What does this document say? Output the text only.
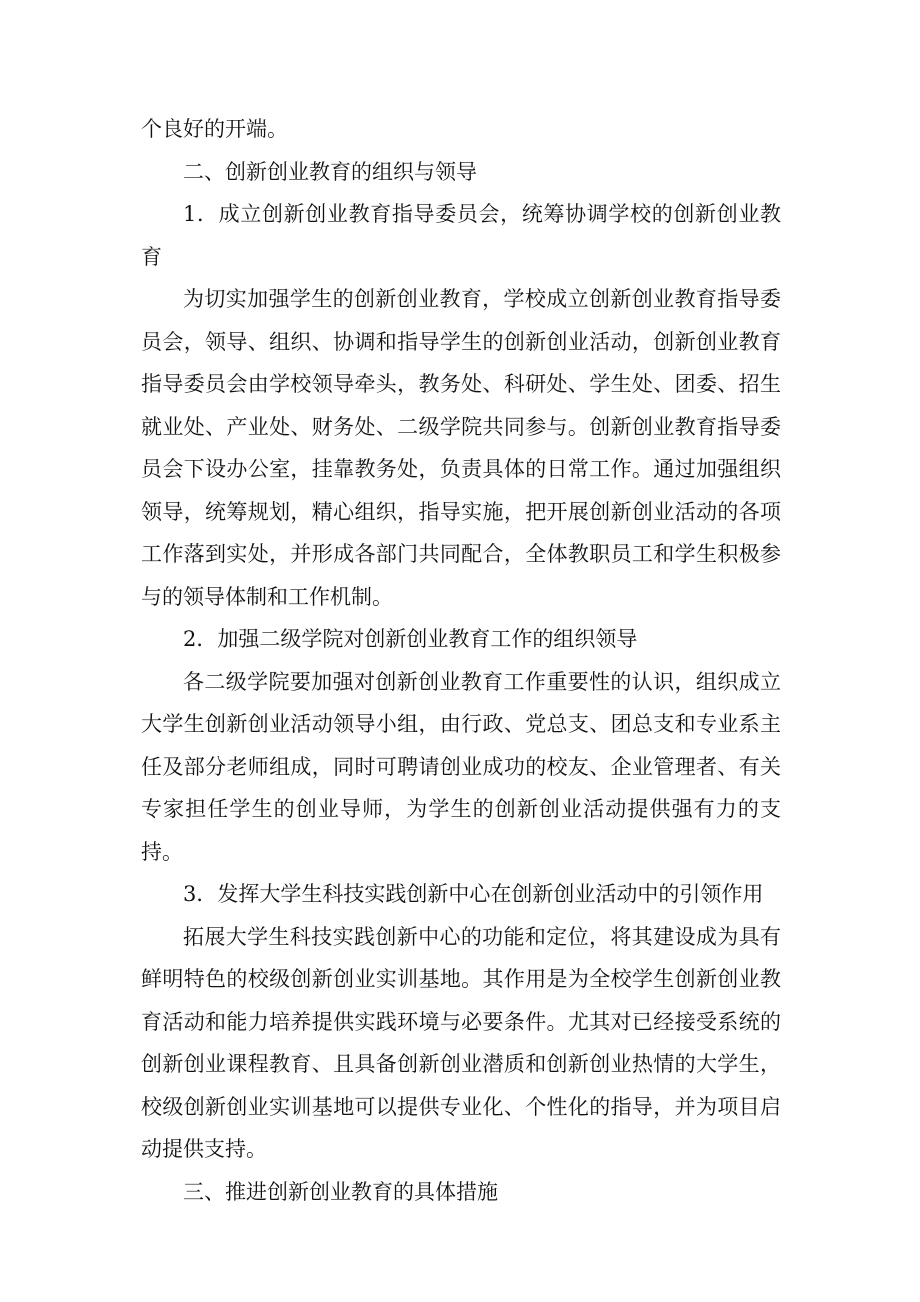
个良好的开端。

二、创新创业教育的组织与领导

1．成立创新创业教育指导委员会，统筹协调学校的创新创业教育

为切实加强学生的创新创业教育，学校成立创新创业教育指导委员会，领导、组织、协调和指导学生的创新创业活动，创新创业教育指导委员会由学校领导牵头，教务处、科研处、学生处、团委、招生就业处、产业处、财务处、二级学院共同参与。创新创业教育指导委员会下设办公室，挂靠教务处，负责具体的日常工作。通过加强组织领导，统筹规划，精心组织，指导实施，把开展创新创业活动的各项工作落到实处，并形成各部门共同配合，全体教职员工和学生积极参与的领导体制和工作机制。

2．加强二级学院对创新创业教育工作的组织领导

各二级学院要加强对创新创业教育工作重要性的认识，组织成立大学生创新创业活动领导小组，由行政、党总支、团总支和专业系主任及部分老师组成，同时可聘请创业成功的校友、企业管理者、有关专家担任学生的创业导师，为学生的创新创业活动提供强有力的支持。

3．发挥大学生科技实践创新中心在创新创业活动中的引领作用

拓展大学生科技实践创新中心的功能和定位，将其建设成为具有鲜明特色的校级创新创业实训基地。其作用是为全校学生创新创业教育活动和能力培养提供实践环境与必要条件。尤其对已经接受系统的创新创业课程教育、且具备创新创业潜质和创新创业热情的大学生，校级创新创业实训基地可以提供专业化、个性化的指导，并为项目启动提供支持。

三、推进创新创业教育的具体措施
